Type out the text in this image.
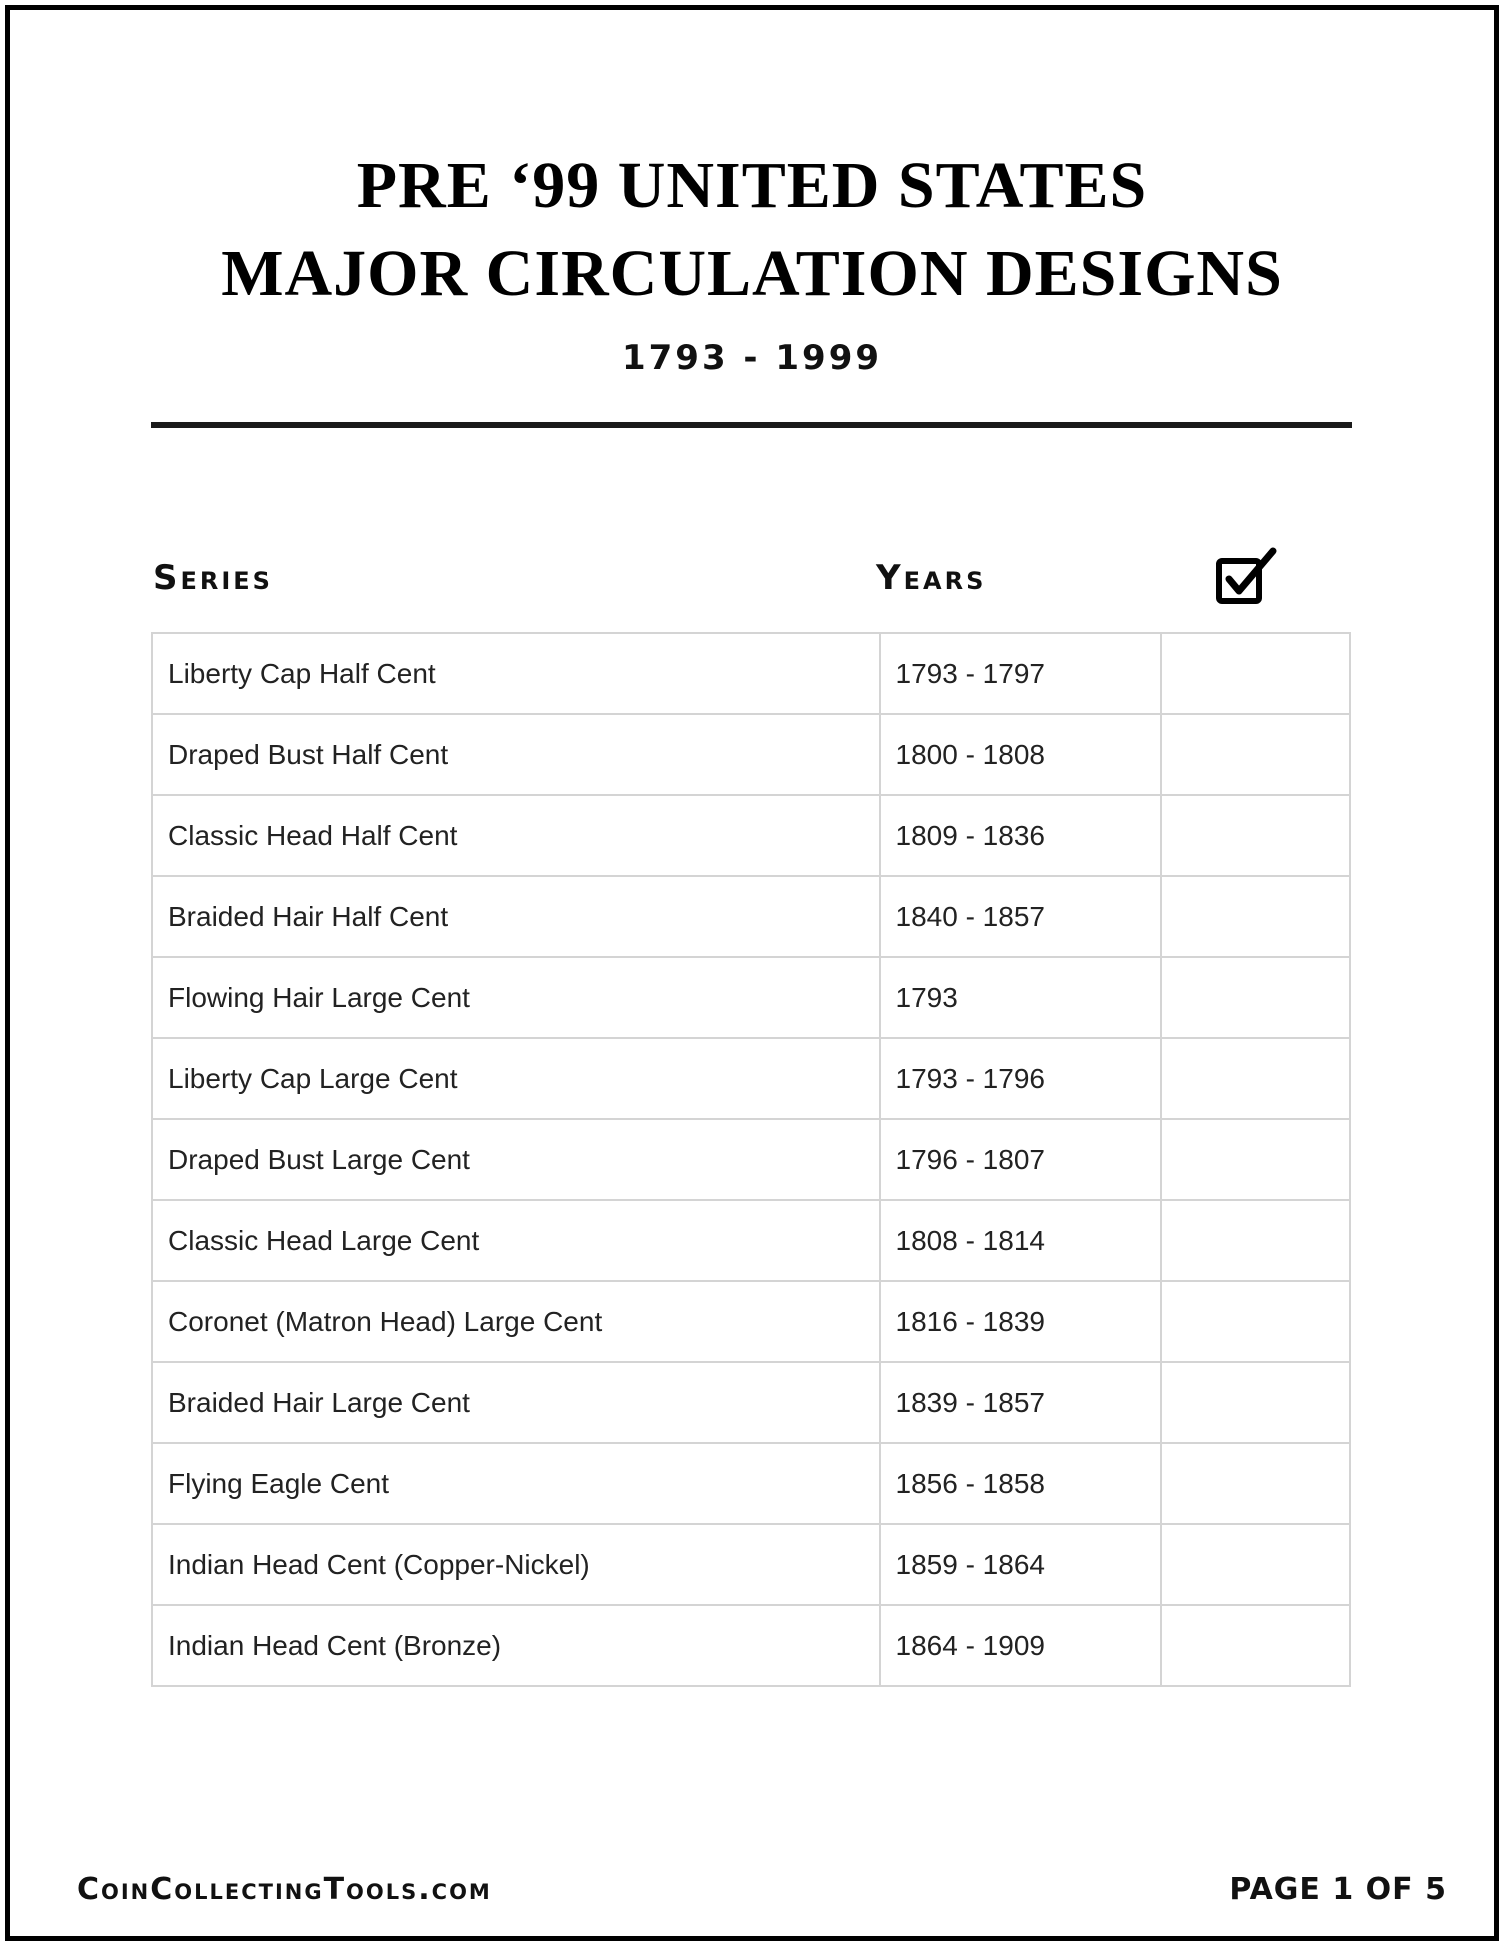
PRE ‘99 UNITED STATES
MAJOR CIRCULATION DESIGNS
1793 - 1999
Series	Years
Liberty Cap Half Cent	1793 - 1797	
Draped Bust Half Cent	1800 - 1808	
Classic Head Half Cent	1809 - 1836	
Braided Hair Half Cent	1840 - 1857	
Flowing Hair Large Cent	1793	
Liberty Cap Large Cent	1793 - 1796	
Draped Bust Large Cent	1796 - 1807	
Classic Head Large Cent	1808 - 1814	
Coronet (Matron Head) Large Cent	1816 - 1839	
Braided Hair Large Cent	1839 - 1857	
Flying Eagle Cent	1856 - 1858	
Indian Head Cent (Copper-Nickel)	1859 - 1864	
Indian Head Cent (Bronze)	1864 - 1909	
CoinCollectingTools.com	PAGE 1 OF 5
